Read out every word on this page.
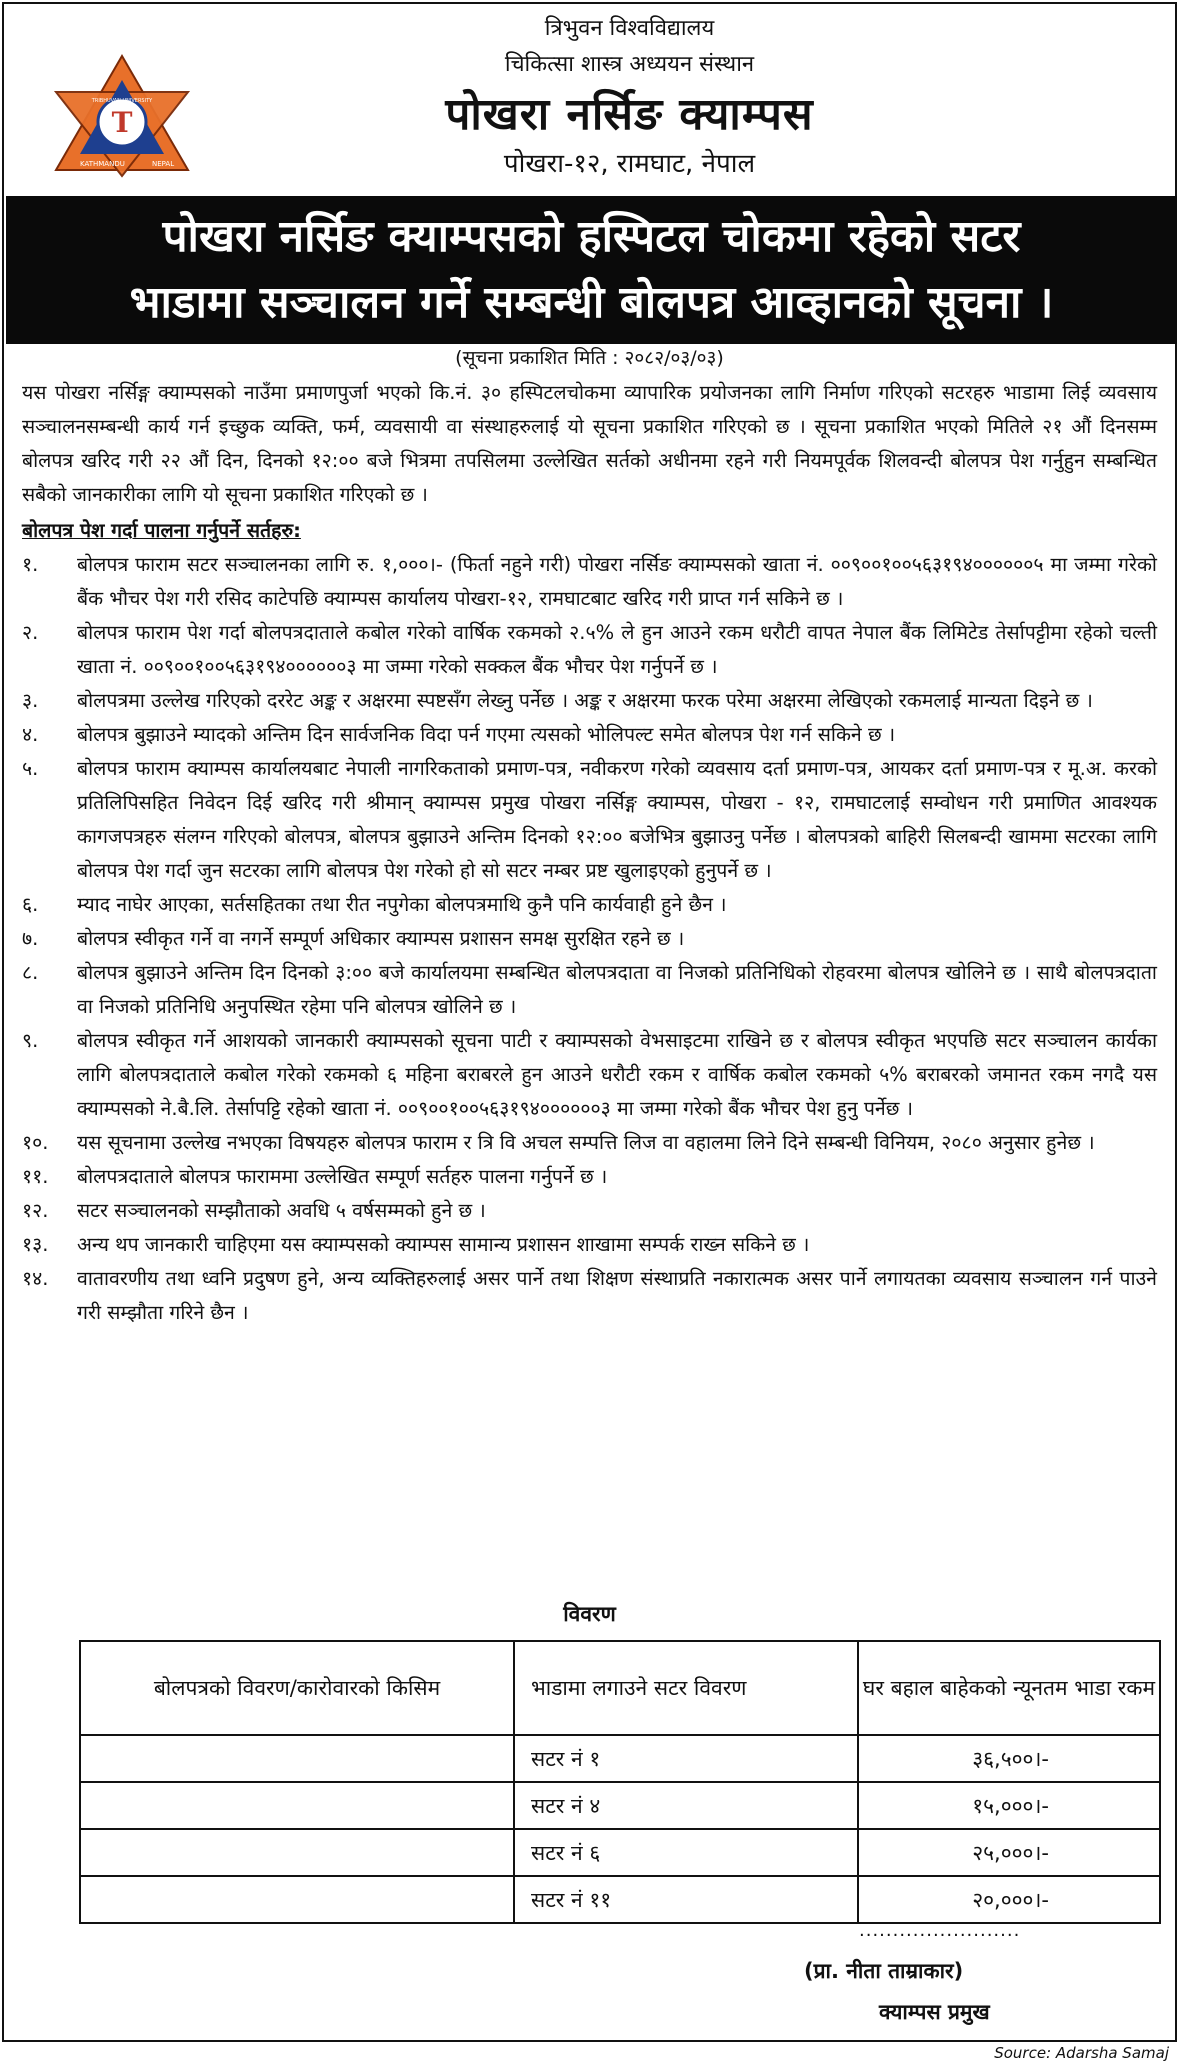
T
KATHMANDU	NEPAL
TRIBHUVAN UNIVERSITY
त्रिभुवन विश्वविद्यालय
चिकित्सा शास्त्र अध्ययन संस्थान
पोखरा नर्सिङ क्याम्पस
पोखरा-१२, रामघाट, नेपाल
पोखरा नर्सिङ क्याम्पसको हस्पिटल चोकमा रहेको सटर
भाडामा सञ्चालन गर्ने सम्बन्धी बोलपत्र आव्हानको सूचना ।
(सूचना प्रकाशित मिति : २०८२/०३/०३)

यस पोखरा नर्सिङ्ग क्याम्पसको नाउँमा प्रमाणपुर्जा भएको कि.नं. ३० हस्पिटलचोकमा व्यापारिक प्रयोजनका लागि निर्माण गरिएको सटरहरु भाडामा लिई व्यवसाय सञ्चालनसम्बन्धी कार्य गर्न इच्छुक व्यक्ति, फर्म, व्यवसायी वा संस्थाहरुलाई यो सूचना प्रकाशित गरिएको छ । सूचना प्रकाशित भएको मितिले २१ औं दिनसम्म बोलपत्र खरिद गरी २२ औं दिन, दिनको १२:०० बजे भित्रमा तपसिलमा उल्लेखित सर्तको अधीनमा रहने गरी नियमपूर्वक शिलवन्दी बोलपत्र पेश गर्नुहुन सम्बन्धित सबैको जानकारीका लागि यो सूचना प्रकाशित गरिएको छ ।

बोलपत्र पेश गर्दा पालना गर्नुपर्ने सर्तहरु:
१.	बोलपत्र फाराम सटर सञ्चालनका लागि रु. १,०००।- (फिर्ता नहुने गरी) पोखरा नर्सिङ क्याम्पसको खाता नं. ००९००१००५६३१९४००००००५ मा जम्मा गरेको बैंक भौचर पेश गरी रसिद काटेपछि क्याम्पस कार्यालय पोखरा-१२, रामघाटबाट खरिद गरी प्राप्त गर्न सकिने छ ।
२.	बोलपत्र फाराम पेश गर्दा बोलपत्रदाताले कबोल गरेको वार्षिक रकमको २.५% ले हुन आउने रकम धरौटी वापत नेपाल बैंक लिमिटेड तेर्सापट्टीमा रहेको चल्ती खाता नं. ००९००१००५६३१९४००००००३ मा जम्मा गरेको सक्कल बैंक भौचर पेश गर्नुपर्ने छ ।
३.	बोलपत्रमा उल्लेख गरिएको दररेट अङ्क र अक्षरमा स्पष्टसँग लेख्नु पर्नेछ । अङ्क र अक्षरमा फरक परेमा अक्षरमा लेखिएको रकमलाई मान्यता दिइने छ ।
४.	बोलपत्र बुझाउने म्यादको अन्तिम दिन सार्वजनिक विदा पर्न गएमा त्यसको भोलिपल्ट समेत बोलपत्र पेश गर्न सकिने छ ।
५.	बोलपत्र फाराम क्याम्पस कार्यालयबाट नेपाली नागरिकताको प्रमाण-पत्र, नवीकरण गरेको व्यवसाय दर्ता प्रमाण-पत्र, आयकर दर्ता प्रमाण-पत्र र मू.अ. करको प्रतिलिपिसहित निवेदन दिई खरिद गरी श्रीमान् क्याम्पस प्रमुख पोखरा नर्सिङ्ग क्याम्पस, पोखरा - १२, रामघाटलाई सम्वोधन गरी प्रमाणित आवश्यक कागजपत्रहरु संलग्न गरिएको बोलपत्र, बोलपत्र बुझाउने अन्तिम दिनको १२:०० बजेभित्र बुझाउनु पर्नेछ । बोलपत्रको बाहिरी सिलबन्दी खाममा सटरका लागि बोलपत्र पेश गर्दा जुन सटरका लागि बोलपत्र पेश गरेको हो सो सटर नम्बर प्रष्ट खुलाइएको हुनुपर्ने छ ।
६.	म्याद नाघेर आएका, सर्तसहितका तथा रीत नपुगेका बोलपत्रमाथि कुनै पनि कार्यवाही हुने छैन ।
७.	बोलपत्र स्वीकृत गर्ने वा नगर्ने सम्पूर्ण अधिकार क्याम्पस प्रशासन समक्ष सुरक्षित रहने छ ।
८.	बोलपत्र बुझाउने अन्तिम दिन दिनको ३:०० बजे कार्यालयमा सम्बन्धित बोलपत्रदाता वा निजको प्रतिनिधिको रोहवरमा बोलपत्र खोलिने छ । साथै बोलपत्रदाता वा निजको प्रतिनिधि अनुपस्थित रहेमा पनि बोलपत्र खोलिने छ ।
९.	बोलपत्र स्वीकृत गर्ने आशयको जानकारी क्याम्पसको सूचना पाटी र क्याम्पसको वेभसाइटमा राखिने छ र बोलपत्र स्वीकृत भएपछि सटर सञ्चालन कार्यका लागि बोलपत्रदाताले कबोल गरेको रकमको ६ महिना बराबरले हुन आउने धरौटी रकम र वार्षिक कबोल रकमको ५% बराबरको जमानत रकम नगदै यस क्याम्पसको ने.बै.लि. तेर्सापट्टि रहेको खाता नं. ००९००१००५६३१९४००००००३ मा जम्मा गरेको बैंक भौचर पेश हुनु पर्नेछ ।
१०.	यस सूचनामा उल्लेख नभएका विषयहरु बोलपत्र फाराम र त्रि वि अचल सम्पत्ति लिज वा वहालमा लिने दिने सम्बन्धी विनियम, २०८० अनुसार हुनेछ ।
११.	बोलपत्रदाताले बोलपत्र फाराममा उल्लेखित सम्पूर्ण सर्तहरु पालना गर्नुपर्ने छ ।
१२.	सटर सञ्चालनको सम्झौताको अवधि ५ वर्षसम्मको हुने छ ।
१३.	अन्य थप जानकारी चाहिएमा यस क्याम्पसको क्याम्पस सामान्य प्रशासन शाखामा सम्पर्क राख्न सकिने छ ।
१४.	वातावरणीय तथा ध्वनि प्रदुषण हुने, अन्य व्यक्तिहरुलाई असर पार्ने तथा शिक्षण संस्थाप्रति नकारात्मक असर पार्ने लगायतका व्यवसाय सञ्चालन गर्न पाउने गरी सम्झौता गरिने छैन ।
विवरण
बोलपत्रको विवरण/कारोवारको किसिम	भाडामा लगाउने सटर विवरण	घर बहाल बाहेकको न्यूनतम भाडा रकम
	सटर नं १	३६,५००।-
	सटर नं ४	१५,०००।-
	सटर नं ६	२५,०००।-
	सटर नं ११	२०,०००।-
........................
(प्रा. नीता ताम्राकार)
क्याम्पस प्रमुख
Source: Adarsha Samaj
